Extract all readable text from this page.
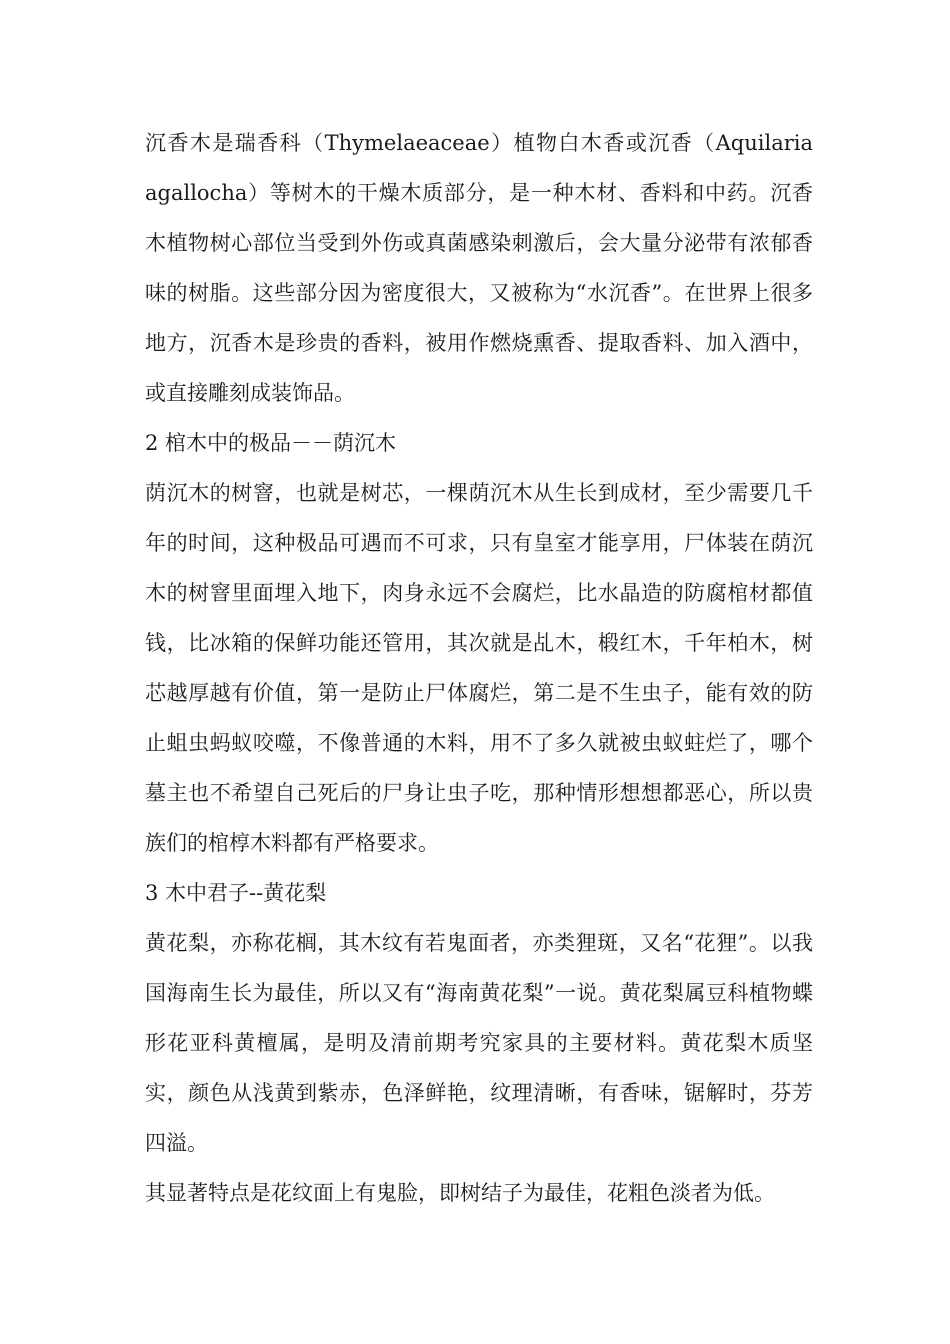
沉香木是瑞香科（Thymelaeaceae）植物白木香或沉香（Aquilaria agallocha）等树木的干燥木质部分，是一种木材、香料和中药。沉香木植物树心部位当受到外伤或真菌感染刺激后，会大量分泌带有浓郁香味的树脂。这些部分因为密度很大，又被称为“水沉香”。在世界上很多地方，沉香木是珍贵的香料，被用作燃烧熏香、提取香料、加入酒中，或直接雕刻成装饰品。

2 棺木中的极品－－荫沉木

荫沉木的树窨，也就是树芯，一棵荫沉木从生长到成材，至少需要几千年的时间，这种极品可遇而不可求，只有皇室才能享用，尸体装在荫沉木的树窨里面埋入地下，肉身永远不会腐烂，比水晶造的防腐棺材都值钱，比冰箱的保鲜功能还管用，其次就是乩木，椴红木，千年柏木，树芯越厚越有价值，第一是防止尸体腐烂，第二是不生虫子，能有效的防止蛆虫蚂蚁咬噬，不像普通的木料，用不了多久就被虫蚁蛀烂了，哪个墓主也不希望自己死后的尸身让虫子吃，那种情形想想都恶心，所以贵族们的棺椁木料都有严格要求。

3 木中君子--黄花梨

黄花梨，亦称花榈，其木纹有若鬼面者，亦类狸斑，又名“花狸”。以我国海南生长为最佳，所以又有“海南黄花梨”一说。黄花梨属豆科植物蝶形花亚科黄檀属，是明及清前期考究家具的主要材料。黄花梨木质坚实，颜色从浅黄到紫赤，色泽鲜艳，纹理清晰，有香味，锯解时，芬芳四溢。

其显著特点是花纹面上有鬼脸，即树结子为最佳，花粗色淡者为低。
